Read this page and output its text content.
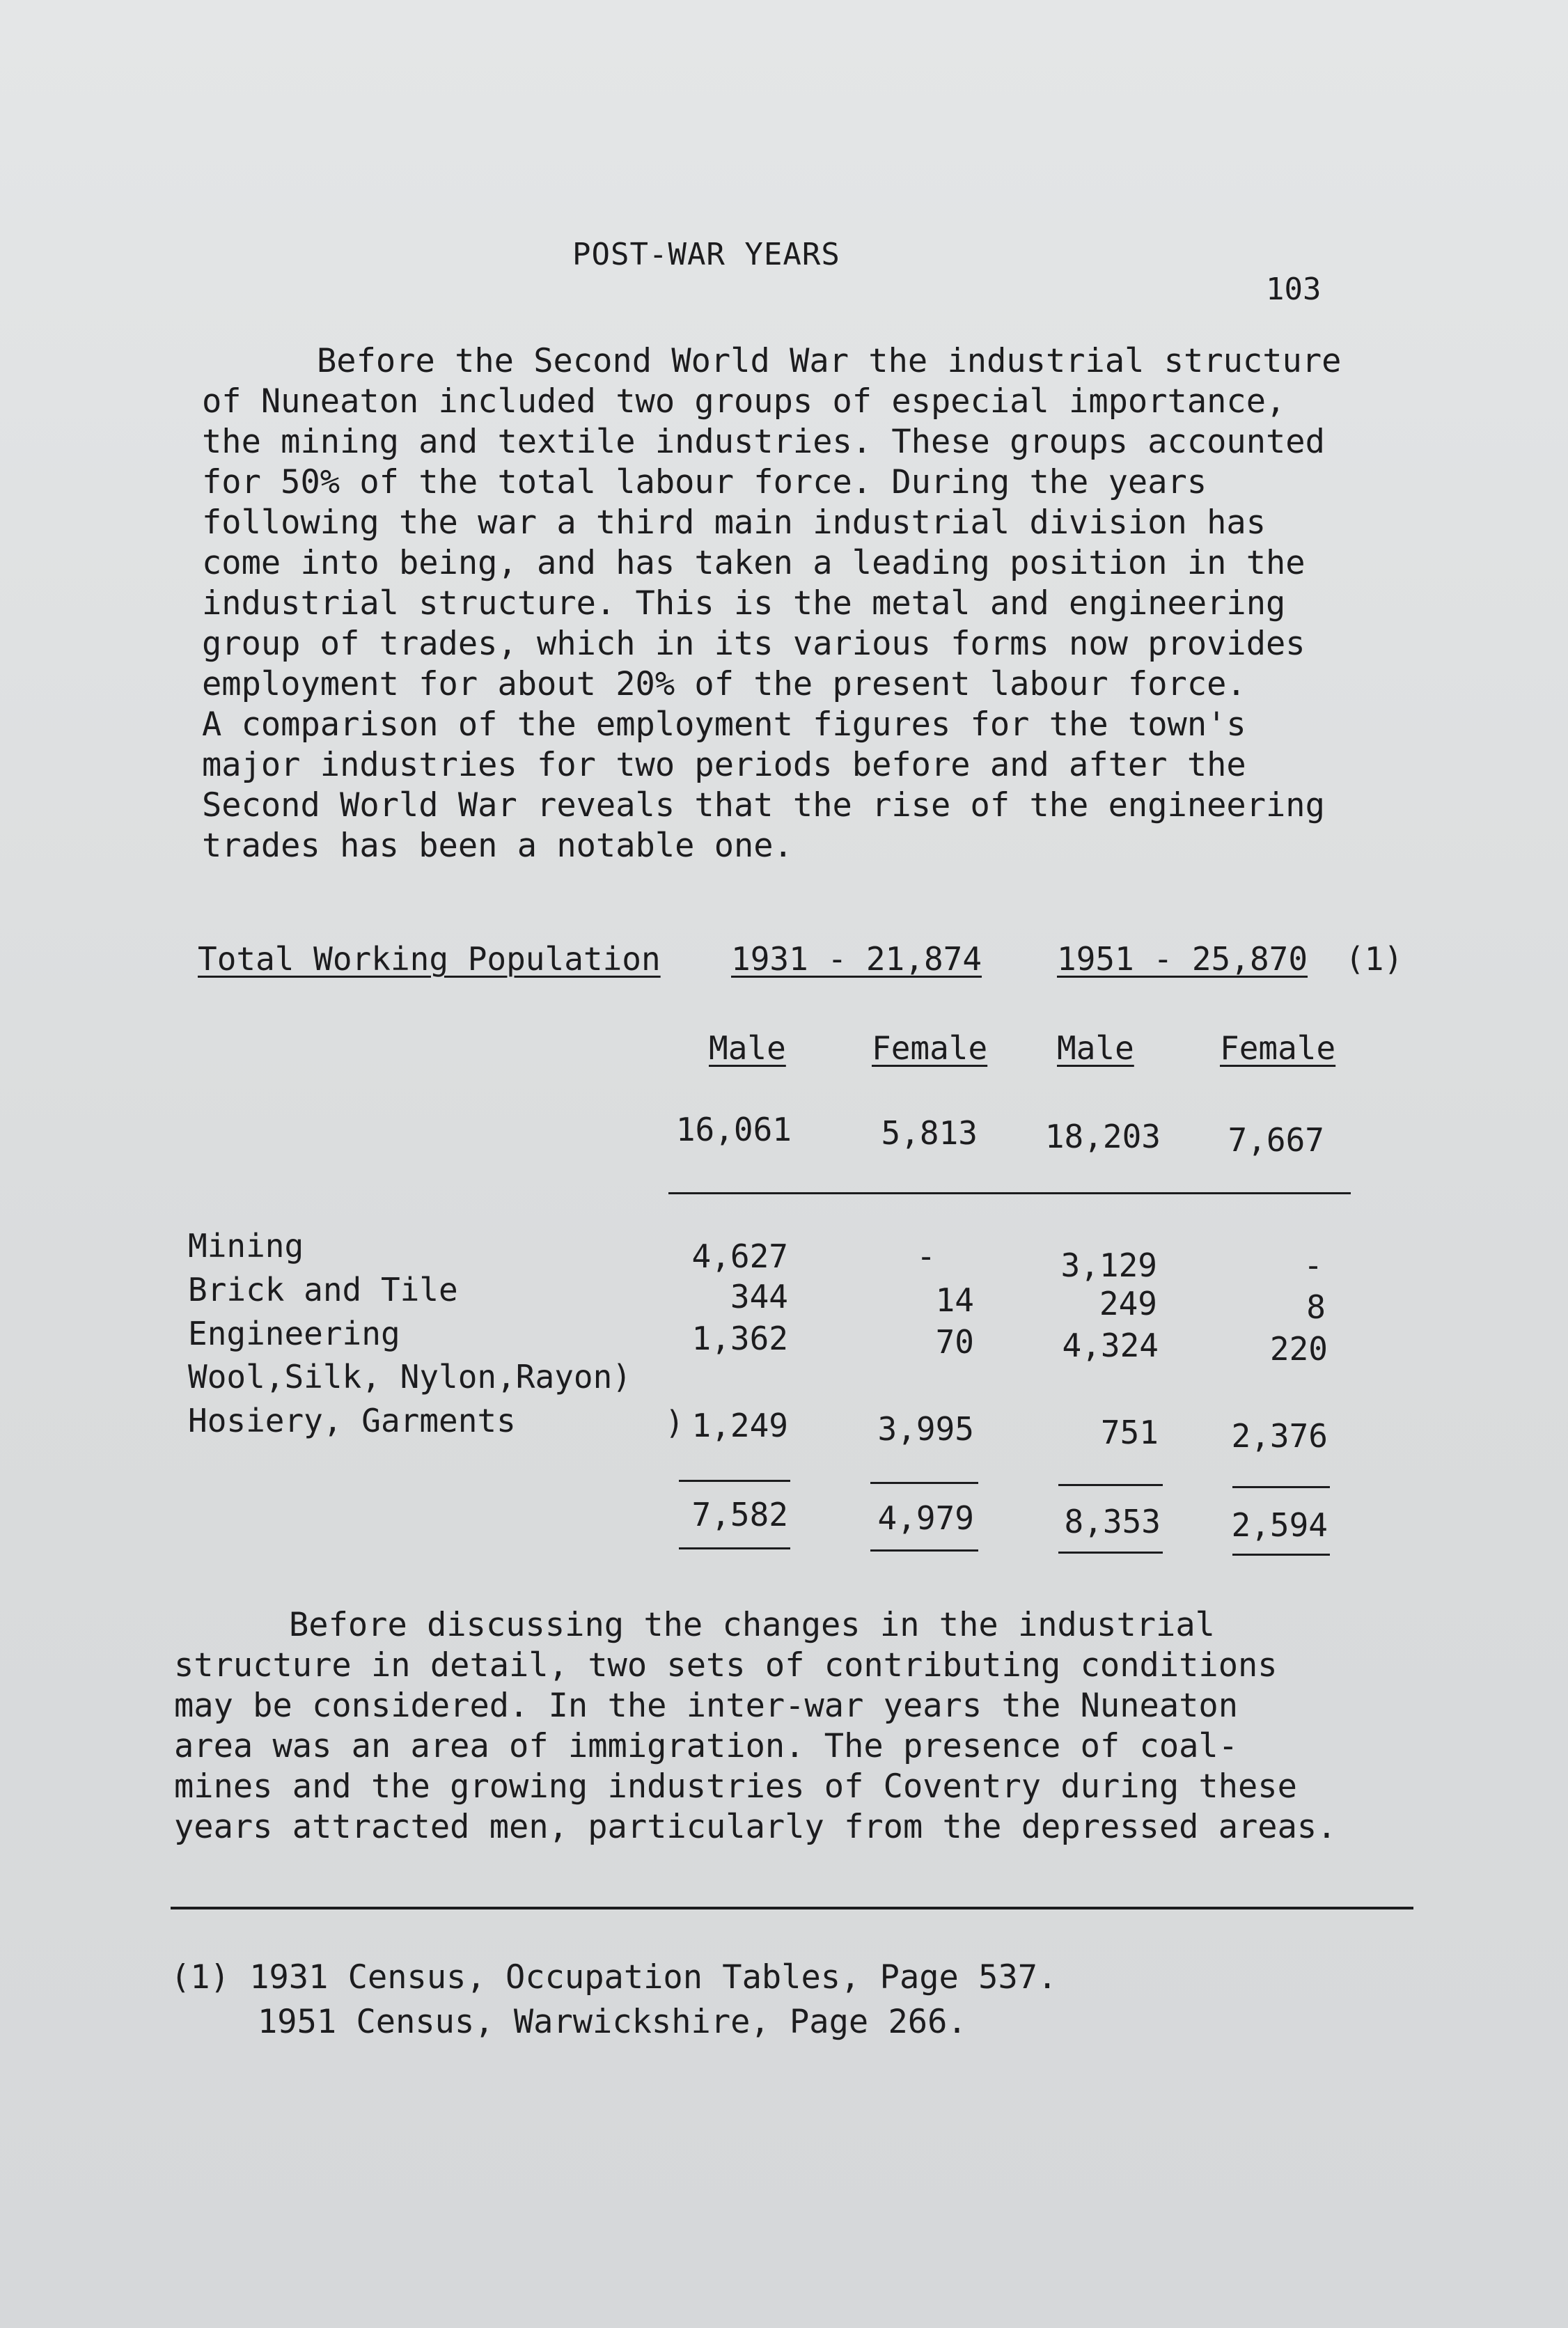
POST-WAR YEARS
103

Before the Second World War the industrial structure
of Nuneaton included two groups of especial importance,
the mining and textile industries. These groups accounted
for 50% of the total labour force. During the years
following the war a third main industrial division has
come into being, and has taken a leading position in the
industrial structure. This is the metal and engineering
group of trades, which in its various forms now provides
employment for about 20% of the present labour force.
A comparison of the employment figures for the town's
major industries for two periods before and after the
Second World War reveals that the rise of the engineering
trades has been a notable one.

Total Working Population 1931 - 21,874 1951 - 25,870 (1)
Male	Female Male	Female
16,061	5,813 18,203 7,667
Mining	4,627	-	3,129	-
Brick and Tile	344	14	249	8
Engineering	1,362	70	4,324	220
Wool,Silk, Nylon,Rayon)
Hosiery, Garments	) 1,249	3,995	751 2,376
7,582	4,979	8,353 2,594

Before discussing the changes in the industrial
structure in detail, two sets of contributing conditions
may be considered. In the inter-war years the Nuneaton
area was an area of immigration. The presence of coal-
mines and the growing industries of Coventry during these
years attracted men, particularly from the depressed areas.

(1) 1931 Census, Occupation Tables, Page 537.
1951 Census, Warwickshire, Page 266.
